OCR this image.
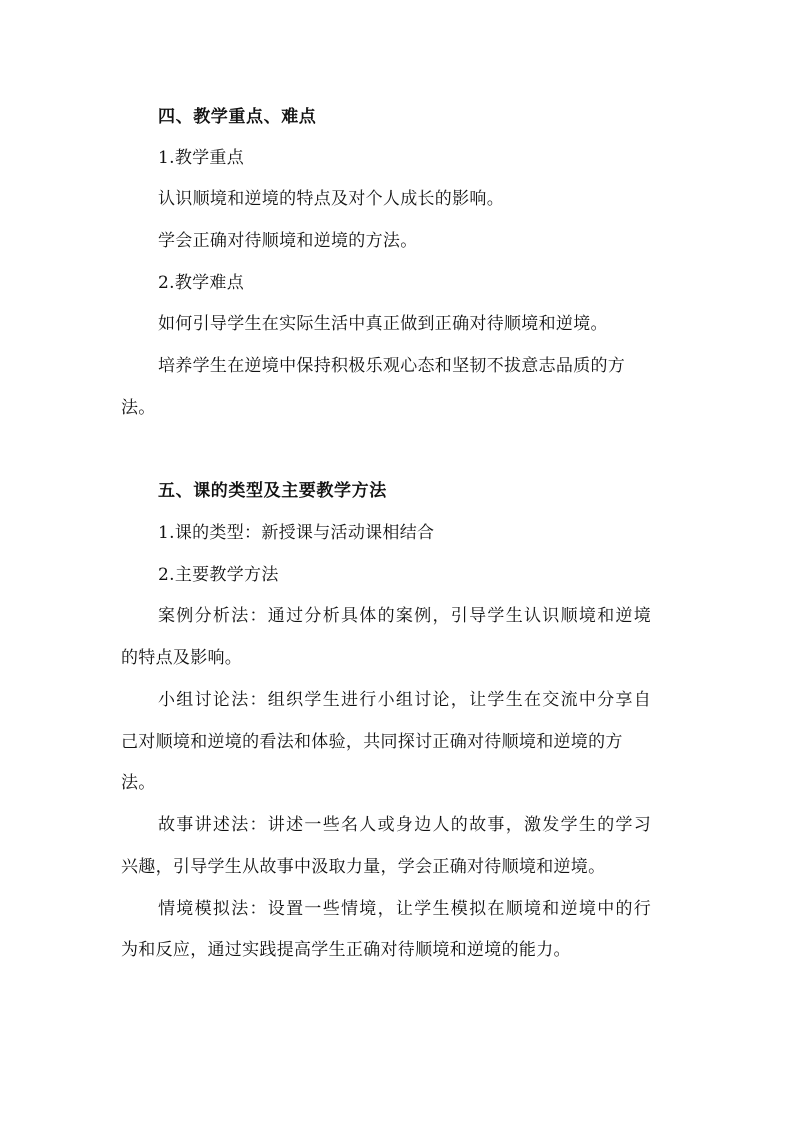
四、教学重点、难点
1.教学重点
认识顺境和逆境的特点及对个人成长的影响。
学会正确对待顺境和逆境的方法。
2.教学难点
如何引导学生在实际生活中真正做到正确对待顺境和逆境。
培养学生在逆境中保持积极乐观心态和坚韧不拔意志品质的方
法。
五、课的类型及主要教学方法
1.课的类型：新授课与活动课相结合
2.主要教学方法
案例分析法：通过分析具体的案例，引导学生认识顺境和逆境
的特点及影响。
小组讨论法：组织学生进行小组讨论，让学生在交流中分享自
己对顺境和逆境的看法和体验，共同探讨正确对待顺境和逆境的方
法。
故事讲述法：讲述一些名人或身边人的故事，激发学生的学习
兴趣，引导学生从故事中汲取力量，学会正确对待顺境和逆境。
情境模拟法：设置一些情境，让学生模拟在顺境和逆境中的行
为和反应，通过实践提高学生正确对待顺境和逆境的能力。
